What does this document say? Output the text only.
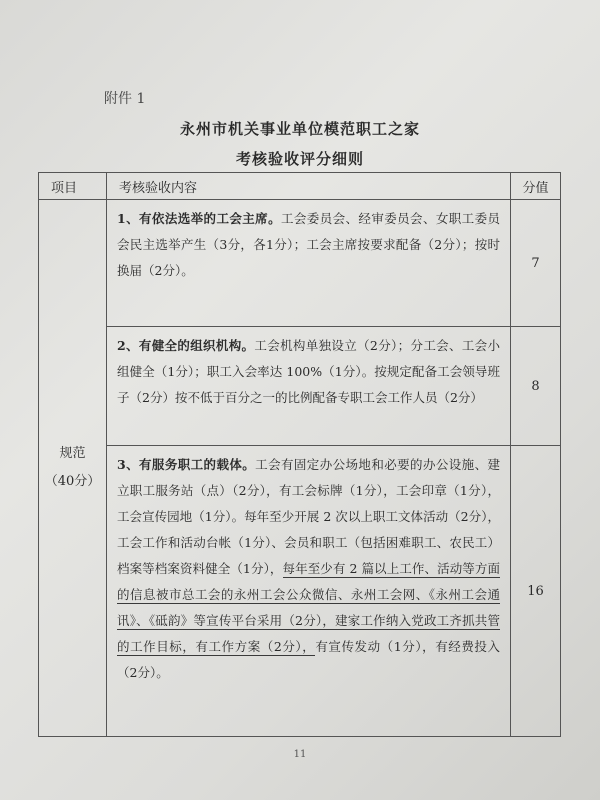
附件 1
永州市机关事业单位模范职工之家
考核验收评分细则
项目	考核验收内容	分值

规范
（40分）	1、有依法选举的工会主席。工会委员会、经审委员会、女职工委员会民主选举产生（3分，各1分）；工会主席按要求配备（2分）；按时换届（2分）。	7

	2、有健全的组织机构。工会机构单独设立（2分）；分工会、工会小组健全（1分）；职工入会率达 100%（1分）。按规定配备工会领导班子（2分）按不低于百分之一的比例配备专职工会工作人员（2分）	8

	3、有服务职工的载体。工会有固定办公场地和必要的办公设施、建立职工服务站（点）（2分），有工会标牌（1分），工会印章（1分），工会宣传园地（1分）。每年至少开展 2 次以上职工文体活动（2分），工会工作和活动台帐（1分）、会员和职工（包括困难职工、农民工）档案等档案资料健全（1分），每年至少有 2 篇以上工作、活动等方面的信息被市总工会的永州工会公众微信、永州工会网、《永州工会通讯》、《砥韵》等宣传平台采用（2分），建家工作纳入党政工齐抓共管的工作目标，有工作方案（2分），有宣传发动（1分），有经费投入（2分）。	16
11
